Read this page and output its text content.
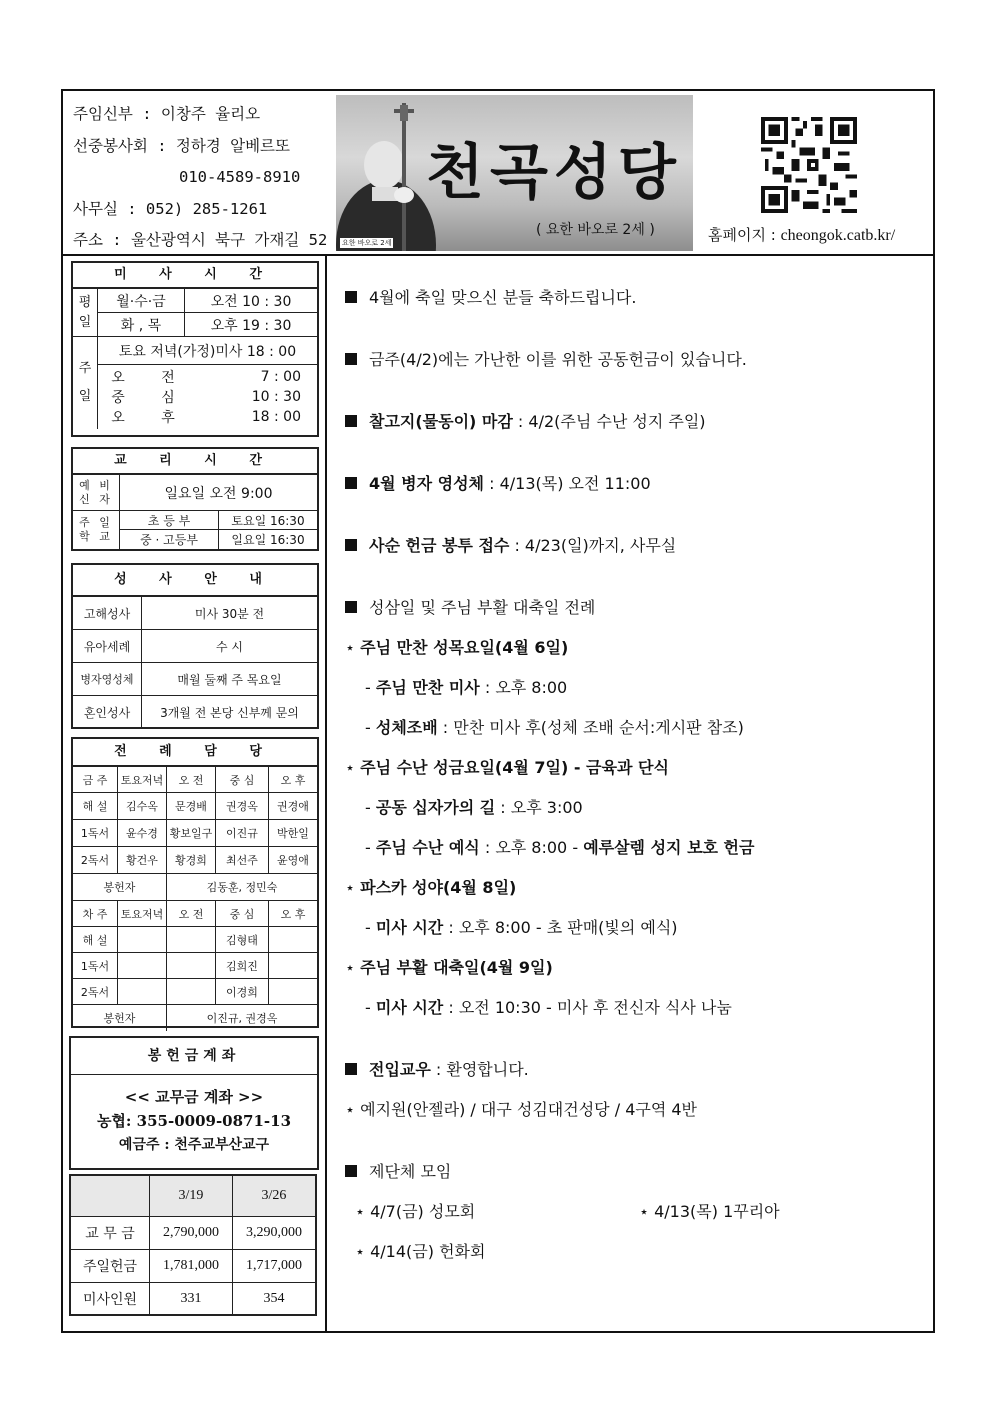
주임신부 : 이창주 율리오
선중봉사회 : 정하경 알베르또
010-4589-8910
사무실 : 052) 285-1261
주소 : 울산광역시 북구 가재길 52
천곡성당
( 요한 바오로 2세 )
요한 바오로 2세	홈페이지 : cheongok.catb.kr/
미 사 시 간
평일	월·수·금	오전 10 : 30
화 , 목	오후 19 : 30
주일	토요 저녁(가정)미사 18 : 00

오	전	7 : 00
중	심	10 : 30
오	후	18 : 00
교 리 시 간
예 비 신 자	일요일 오전 9:00	
주 일 학 교	초 등 부	토요일 16:30
	중 · 고등부	일요일 16:30
성 사 안 내
고해성사	미사 30분 전
유아세례	수 시
병자영성체	매월 둘째 주 목요일
혼인성사	3개월 전 본당 신부께 문의
전 례 담 당
금 주	토요저녁	오 전	중 심	오 후
해 설	김수옥	문경배	권경옥	권경애
1독서	윤수경	황보일구	이진규	박한일
2독서	황건우	황경희	최선주	윤영애
봉헌자		김동훈, 정민숙		
차 주	토요저녁	오 전	중 심	오 후
해 설			김형태	
1독서			김희진	
2독서			이경희	
봉헌자		이진규, 권경옥		
봉헌금계좌
<< 교무금 계좌 >>
농협: 355-0009-0871-13
예금주 : 천주교부산교구
	3/19	3/26
교 무 금	2,790,000	3,290,000
주일헌금	1,781,000	1,717,000
미사인원	331	354
4월에 축일 맞으신 분들 축하드립니다.
금주(4/2)에는 가난한 이를 위한 공동헌금이 있습니다.
찰고지(물동이) 마감 : 4/2(주님 수난 성지 주일)
4월 병자 영성체 : 4/13(목) 오전 11:00
사순 헌금 봉투 접수 : 4/23(일)까지, 사무실
성삼일 및 주님 부활 대축일 전례
⋆ 주님 만찬 성목요일(4월 6일)
- 주님 만찬 미사 : 오후 8:00
- 성체조배 : 만찬 미사 후(성체 조배 순서:게시판 참조)
⋆ 주님 수난 성금요일(4월 7일) - 금육과 단식
- 공동 십자가의 길 : 오후 3:00
- 주님 수난 예식 : 오후 8:00 - 예루살렘 성지 보호 헌금
⋆ 파스카 성야(4월 8일)
- 미사 시간 : 오후 8:00 - 초 판매(빛의 예식)
⋆ 주님 부활 대축일(4월 9일)
- 미사 시간 : 오전 10:30 - 미사 후 전신자 식사 나눔
전입교우 : 환영합니다.
⋆ 예지원(안젤라) / 대구 성김대건성당 / 4구역 4반
제단체 모임
⋆ 4/7(금) 성모회	⋆ 4/13(목) 1꾸리아
⋆ 4/14(금) 헌화회
